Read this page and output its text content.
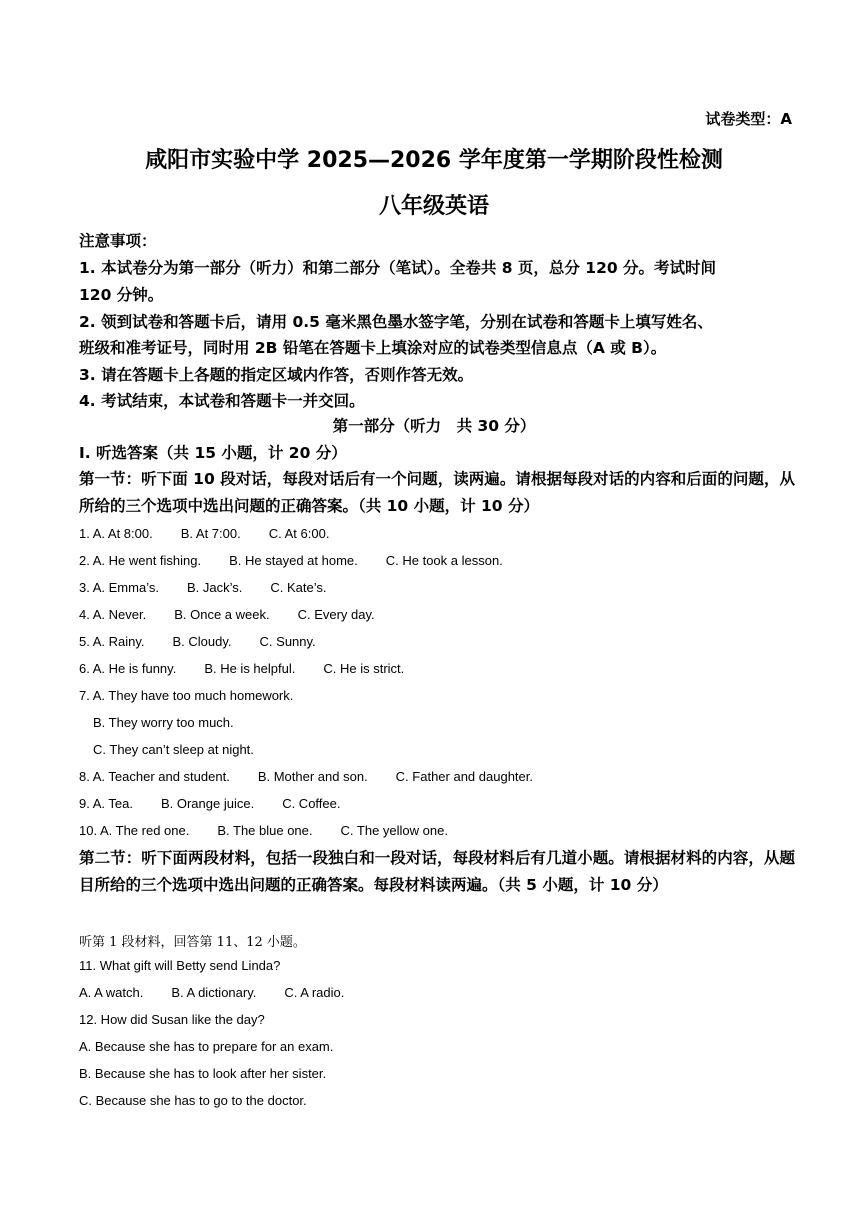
试卷类型：A
咸阳市实验中学 2025—2026 学年度第一学期阶段性检测
八年级英语
注意事项：
1. 本试卷分为第一部分（听力）和第二部分（笔试）。全卷共 8 页，总分 120 分。考试时间
120 分钟。
2. 领到试卷和答题卡后，请用 0.5 毫米黑色墨水签字笔，分别在试卷和答题卡上填写姓名、
班级和准考证号，同时用 2B 铅笔在答题卡上填涂对应的试卷类型信息点（A 或 B）。
3. 请在答题卡上各题的指定区域内作答，否则作答无效。
4. 考试结束，本试卷和答题卡一并交回。
第一部分（听力　共 30 分）
Ⅰ. 听选答案（共 15 小题，计 20 分）
第一节：听下面 10 段对话，每段对话后有一个问题，读两遍。请根据每段对话的内容和后面的问题，从所给的三个选项中选出问题的正确答案。（共 10 小题，计 10 分）
1. A. At 8:00. B. At 7:00. C. At 6:00.
2. A. He went fishing. B. He stayed at home. C. He took a lesson.
3. A. Emma’s. B. Jack’s. C. Kate’s.
4. A. Never. B. Once a week. C. Every day.
5. A. Rainy. B. Cloudy. C. Sunny.
6. A. He is funny. B. He is helpful. C. He is strict.
7. A. They have too much homework.
B. They worry too much.
C. They can’t sleep at night.
8. A. Teacher and student. B. Mother and son. C. Father and daughter.
9. A. Tea. B. Orange juice. C. Coffee.
10. A. The red one. B. The blue one. C. The yellow one.
第二节：听下面两段材料，包括一段独白和一段对话，每段材料后有几道小题。请根据材料的内容，从题目所给的三个选项中选出问题的正确答案。每段材料读两遍。（共 5 小题，计 10 分）
听第 1 段材料，回答第 11、12 小题。
11. What gift will Betty send Linda?
A. A watch. B. A dictionary. C. A radio.
12. How did Susan like the day?
A. Because she has to prepare for an exam.
B. Because she has to look after her sister.
C. Because she has to go to the doctor.
